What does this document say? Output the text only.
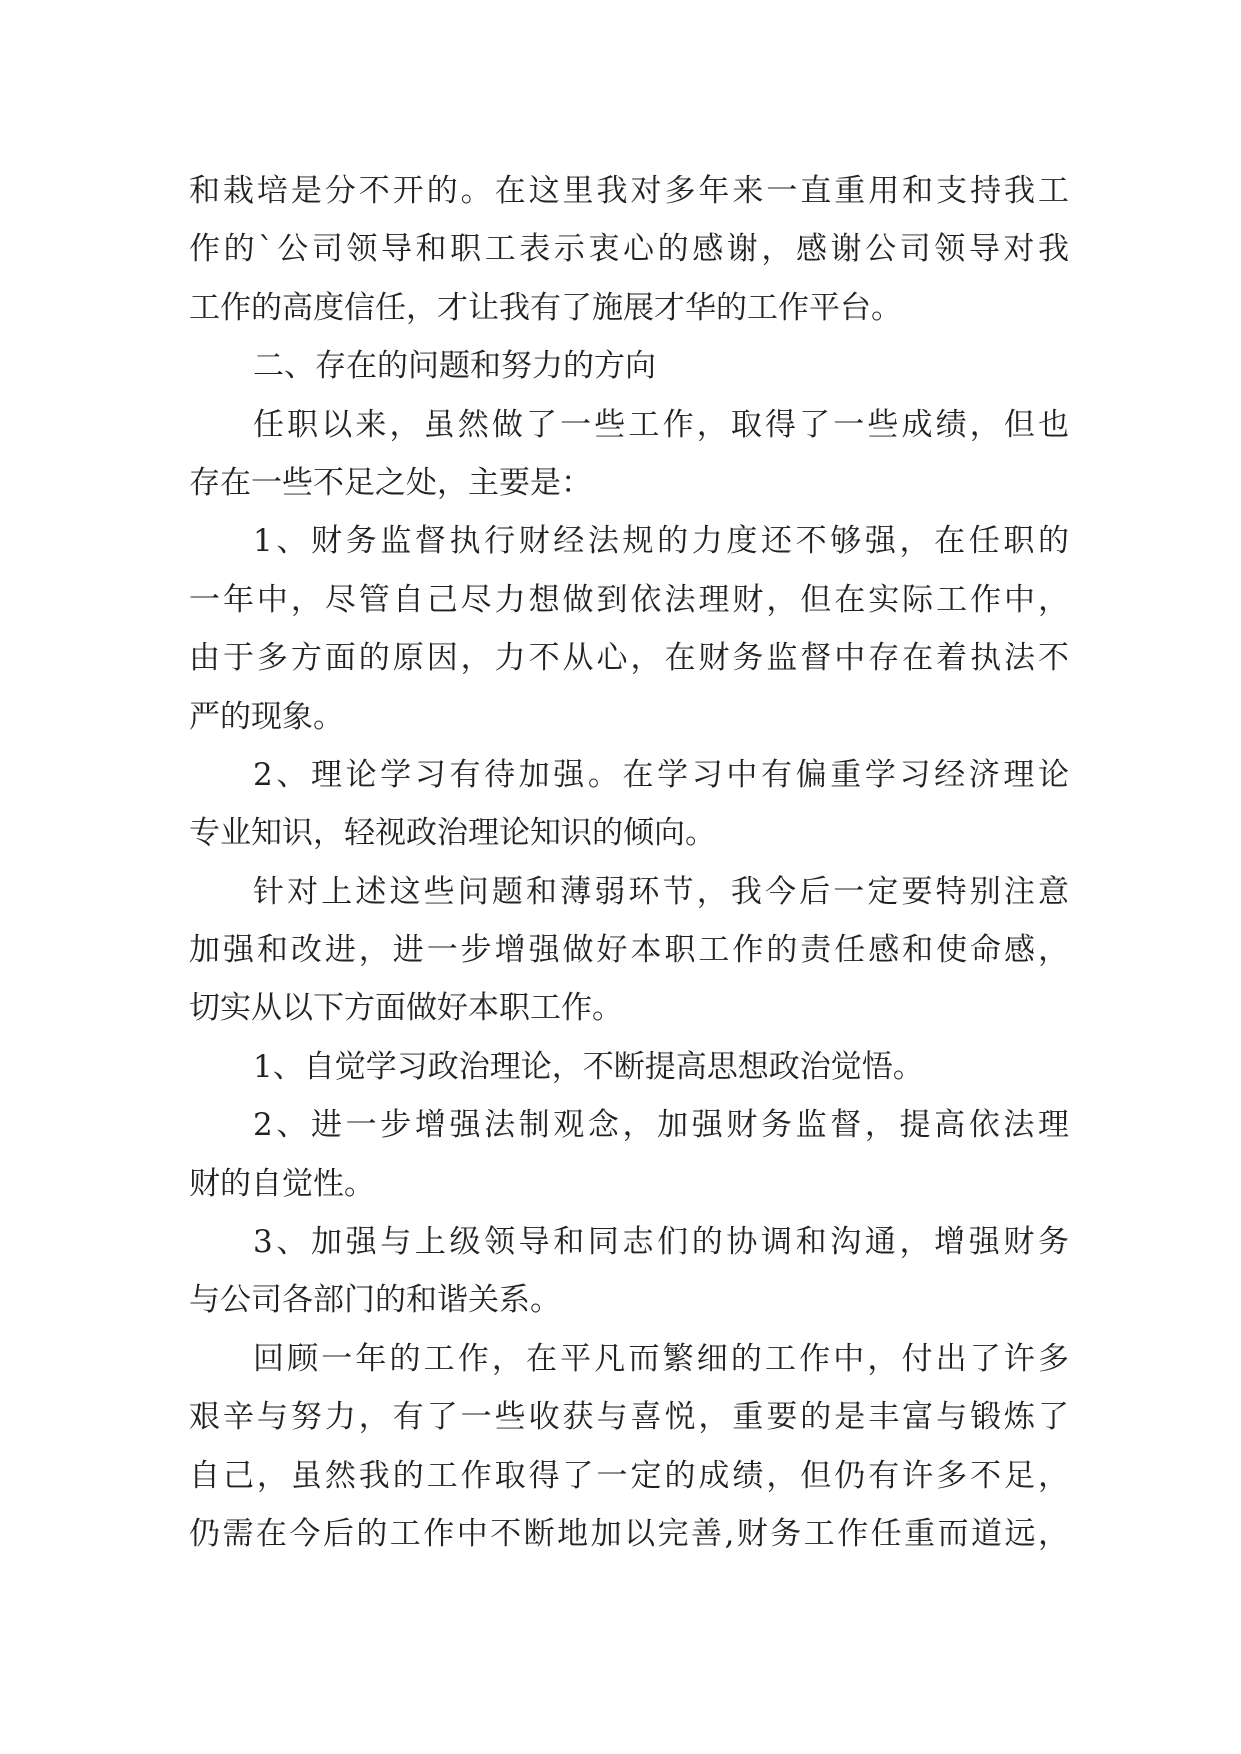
和栽培是分不开的。在这里我对多年来一直重用和支持我工
作的`公司领导和职工表示衷心的感谢，感谢公司领导对我
工作的高度信任，才让我有了施展才华的工作平台。
二、存在的问题和努力的方向
任职以来，虽然做了一些工作，取得了一些成绩，但也
存在一些不足之处，主要是：
1、财务监督执行财经法规的力度还不够强，在任职的
一年中，尽管自己尽力想做到依法理财，但在实际工作中，
由于多方面的原因，力不从心，在财务监督中存在着执法不
严的现象。
2、理论学习有待加强。在学习中有偏重学习经济理论
专业知识，轻视政治理论知识的倾向。
针对上述这些问题和薄弱环节，我今后一定要特别注意
加强和改进，进一步增强做好本职工作的责任感和使命感，
切实从以下方面做好本职工作。
1、自觉学习政治理论，不断提高思想政治觉悟。
2、进一步增强法制观念，加强财务监督，提高依法理
财的自觉性。
3、加强与上级领导和同志们的协调和沟通，增强财务
与公司各部门的和谐关系。
回顾一年的工作，在平凡而繁细的工作中，付出了许多
艰辛与努力，有了一些收获与喜悦，重要的是丰富与锻炼了
自己，虽然我的工作取得了一定的成绩，但仍有许多不足，
仍需在今后的工作中不断地加以完善,财务工作任重而道远，
